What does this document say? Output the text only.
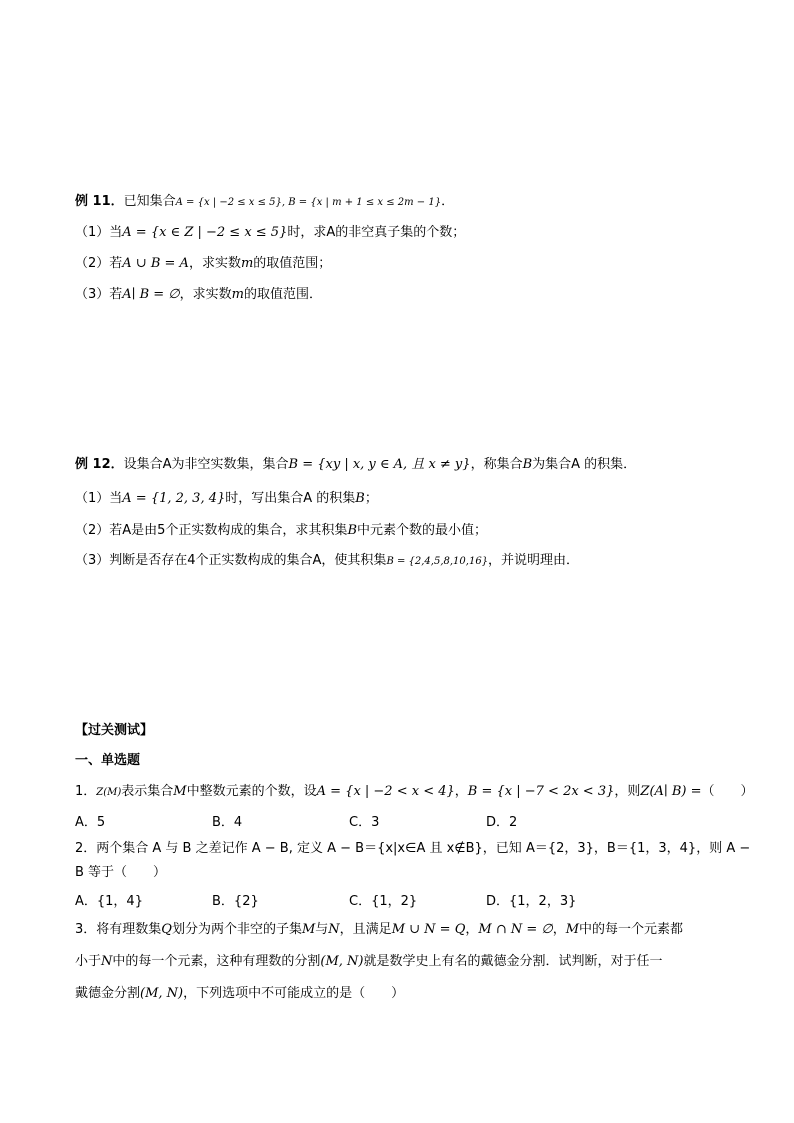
例 11．已知集合A = {x | −2 ≤ x ≤ 5}, B = {x | m + 1 ≤ x ≤ 2m − 1}．
（1）当A = {x ∈ Z | −2 ≤ x ≤ 5}时，求A的非空真子集的个数；
（2）若A ∪ B = A，求实数m的取值范围；
（3）若A∣ B = ∅，求实数m的取值范围．
例 12．设集合A为非空实数集，集合B = {xy | x, y ∈ A, 且 x ≠ y}，称集合B为集合A 的积集．
（1）当A = {1, 2, 3, 4}时，写出集合A 的积集B；
（2）若A是由5个正实数构成的集合，求其积集B中元素个数的最小值；
（3）判断是否存在4个正实数构成的集合A，使其积集B = {2,4,5,8,10,16}，并说明理由．
【过关测试】
一、单选题
1．Z(M)表示集合M中整数元素的个数，设A = {x | −2 < x < 4}，B = {x | −7 < 2x < 3}，则Z(A∣ B) =（　　）
A．5	B．4	C．3	D．2
2．两个集合 A 与 B 之差记作 A − B, 定义 A − B＝{x|x∈A 且 x∉B}，已知 A＝{2，3}，B＝{1，3，4}，则 A −
B 等于（　　）
A．{1，4}	B．{2}	C．{1，2}	D．{1，2，3}
3．将有理数集Q划分为两个非空的子集M与N，且满足M ∪ N = Q，M ∩ N = ∅，M中的每一个元素都
小于N中的每一个元素，这种有理数的分割(M, N)就是数学史上有名的戴德金分割．试判断，对于任一
戴德金分割(M, N)，下列选项中不可能成立的是（　　）
